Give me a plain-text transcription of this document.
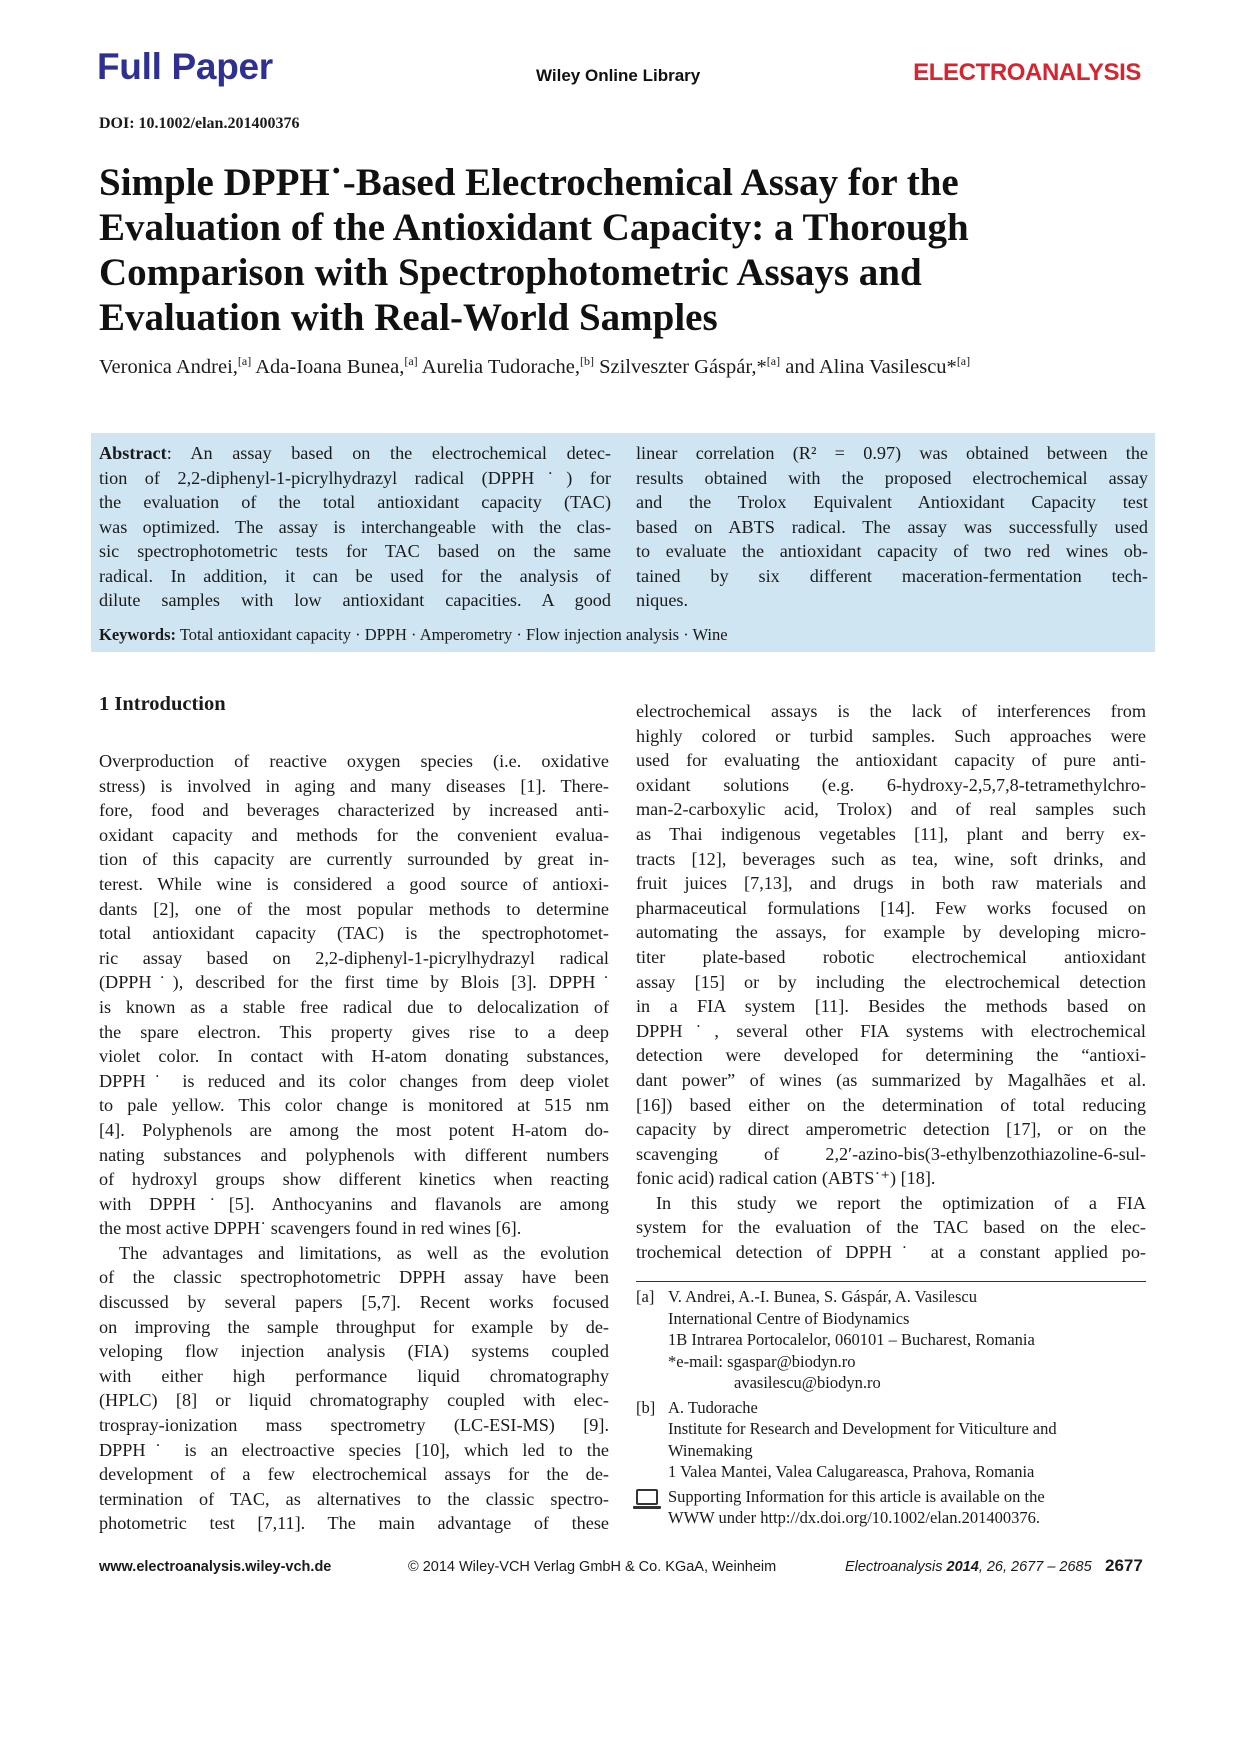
Full Paper	Wiley Online Library	ELECTROANALYSIS
DOI: 10.1002/elan.201400376
Simple DPPH˙-Based Electrochemical Assay for the
Evaluation of the Antioxidant Capacity: a Thorough
Comparison with Spectrophotometric Assays and
Evaluation with Real-World Samples
Veronica Andrei,[a] Ada-Ioana Bunea,[a] Aurelia Tudorache,[b] Szilveszter Gáspár,*[a] and Alina Vasilescu*[a]
Abstract: An assay based on the electrochemical detec-
tion of 2,2-diphenyl-1-picrylhydrazyl radical (DPPH˙) for
the evaluation of the total antioxidant capacity (TAC)
was optimized. The assay is interchangeable with the clas-
sic spectrophotometric tests for TAC based on the same
radical. In addition, it can be used for the analysis of
dilute samples with low antioxidant capacities. A good
linear correlation (R² = 0.97) was obtained between the
results obtained with the proposed electrochemical assay
and the Trolox Equivalent Antioxidant Capacity test
based on ABTS radical. The assay was successfully used
to evaluate the antioxidant capacity of two red wines ob-
tained by six different maceration-fermentation tech-
niques.
Keywords: Total antioxidant capacity · DPPH · Amperometry · Flow injection analysis · Wine
1 Introduction
Overproduction of reactive oxygen species (i.e. oxidative
stress) is involved in aging and many diseases [1]. There-
fore, food and beverages characterized by increased anti-
oxidant capacity and methods for the convenient evalua-
tion of this capacity are currently surrounded by great in-
terest. While wine is considered a good source of antioxi-
dants [2], one of the most popular methods to determine
total antioxidant capacity (TAC) is the spectrophotomet-
ric assay based on 2,2-diphenyl-1-picrylhydrazyl radical
(DPPH˙), described for the first time by Blois [3]. DPPH˙
is known as a stable free radical due to delocalization of
the spare electron. This property gives rise to a deep
violet color. In contact with H-atom donating substances,
DPPH˙ is reduced and its color changes from deep violet
to pale yellow. This color change is monitored at 515 nm
[4]. Polyphenols are among the most potent H-atom do-
nating substances and polyphenols with different numbers
of hydroxyl groups show different kinetics when reacting
with DPPH˙[5]. Anthocyanins and flavanols are among
the most active DPPH˙ scavengers found in red wines [6].
The advantages and limitations, as well as the evolution
of the classic spectrophotometric DPPH assay have been
discussed by several papers [5,7]. Recent works focused
on improving the sample throughput for example by de-
veloping flow injection analysis (FIA) systems coupled
with either high performance liquid chromatography
(HPLC) [8] or liquid chromatography coupled with elec-
trospray-ionization mass spectrometry (LC-ESI-MS) [9].
DPPH˙ is an electroactive species [10], which led to the
development of a few electrochemical assays for the de-
termination of TAC, as alternatives to the classic spectro-
photometric test [7,11]. The main advantage of these
electrochemical assays is the lack of interferences from
highly colored or turbid samples. Such approaches were
used for evaluating the antioxidant capacity of pure anti-
oxidant solutions (e.g. 6-hydroxy-2,5,7,8-tetramethylchro-
man-2-carboxylic acid, Trolox) and of real samples such
as Thai indigenous vegetables [11], plant and berry ex-
tracts [12], beverages such as tea, wine, soft drinks, and
fruit juices [7,13], and drugs in both raw materials and
pharmaceutical formulations [14]. Few works focused on
automating the assays, for example by developing micro-
titer plate-based robotic electrochemical antioxidant
assay [15] or by including the electrochemical detection
in a FIA system [11]. Besides the methods based on
DPPH˙, several other FIA systems with electrochemical
detection were developed for determining the “antioxi-
dant power” of wines (as summarized by Magalhães et al.
[16]) based either on the determination of total reducing
capacity by direct amperometric detection [17], or on the
scavenging of 2,2′-azino-bis(3-ethylbenzothiazoline-6-sul-
fonic acid) radical cation (ABTS˙⁺) [18].
In this study we report the optimization of a FIA
system for the evaluation of the TAC based on the elec-
trochemical detection of DPPH˙ at a constant applied po-
[a] V. Andrei, A.-I. Bunea, S. Gáspár, A. Vasilescu
International Centre of Biodynamics
1B Intrarea Portocalelor, 060101 – Bucharest, Romania
*e-mail: sgaspar@biodyn.ro
avasilescu@biodyn.ro
[b] A. Tudorache
Institute for Research and Development for Viticulture and
Winemaking
1 Valea Mantei, Valea Calugareasca, Prahova, Romania
Supporting Information for this article is available on the
WWW under http://dx.doi.org/10.1002/elan.201400376.
www.electroanalysis.wiley-vch.de	© 2014 Wiley-VCH Verlag GmbH & Co. KGaA, Weinheim	Electroanalysis 2014, 26, 2677 – 2685 2677
